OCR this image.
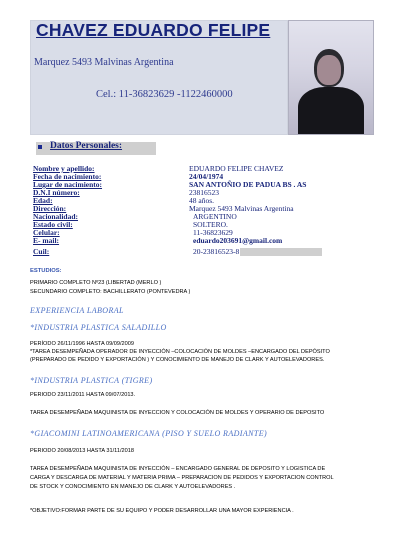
CHAVEZ EDUARDO FELIPE
Marquez 5493 Malvinas Argentina
Cel.: 11-36823629 -1122460000
Datos Personales:
Nombre y apellido:	EDUARDO FELIPE CHAVEZ
Fecha de nacimiento:	24/04/1974
Lugar de nacimiento:	SAN ANTOÑIO DE PADUA BS . AS
D.N.I número:	23816523
Edad:	48 años.
Dirección:	Marquez 5493 Malvinas Argentina
Nacionalidad:	ARGENTINO
Estado civil:	SOLTERO.
Celular:	11-36823629
E- mail:	eduardo203691@gmail.com
Cuil:	20-23816523-8
ESTUDIOS:
PRIMARIO COMPLETO Nº23 (LIBERTAD (MERLO )
SECUNDARIO COMPLETO: BACHILLERATO (PONTEVEDRA )
EXPERIENCIA LABORAL
*INDUSTRIA PLASTICA SALADILLO
PERÍODO 26/11/1996 HASTA 09/09/2009
*TAREA DESEMPEÑADA OPERADOR DE INYECCIÓN –COLOCACIÓN DE MOLDES –ENCARGADO DEL DEPÓSITO
(PREPARADO DE PEDIDO Y EXPORTACIÓN ) Y CONOCIMIENTO DE MANEJO DE CLARK Y AUTOELEVADORES.
*INDUSTRIA PLASTICA (TIGRE)
PERIODO 23/11/2011 HASTA 09/07/2013.
TAREA DESEMPEÑADA MAQUINISTA DE INYECCION Y COLOCACIÓN DE MOLDES Y OPERARIO DE DEPOSITO
*GIACOMINI LATINOAMERICANA (PISO Y SUELO RADIANTE)
PERIODO 20/08/2013 HASTA 31/11/2018
TAREA DESEMPEÑADA MAQUINISTA DE INYECCIÓN – ENCARGADO GENERAL DE DEPOSITO Y LOGISTICA DE
CARGA Y DESCARGA DE MATERIAL Y MATERIA PRIMA – PREPARACION DE PEDIDOS Y EXPORTACION CONTROL
DE STOCK Y CONOCIMIENTO EN MANEJO DE CLARK Y AUTOELEVADORES .
*OBJETIVO:FORMAR PARTE DE SU EQUIPO Y PODER DESARROLLAR UNA MAYOR EXPERIENCIA .
